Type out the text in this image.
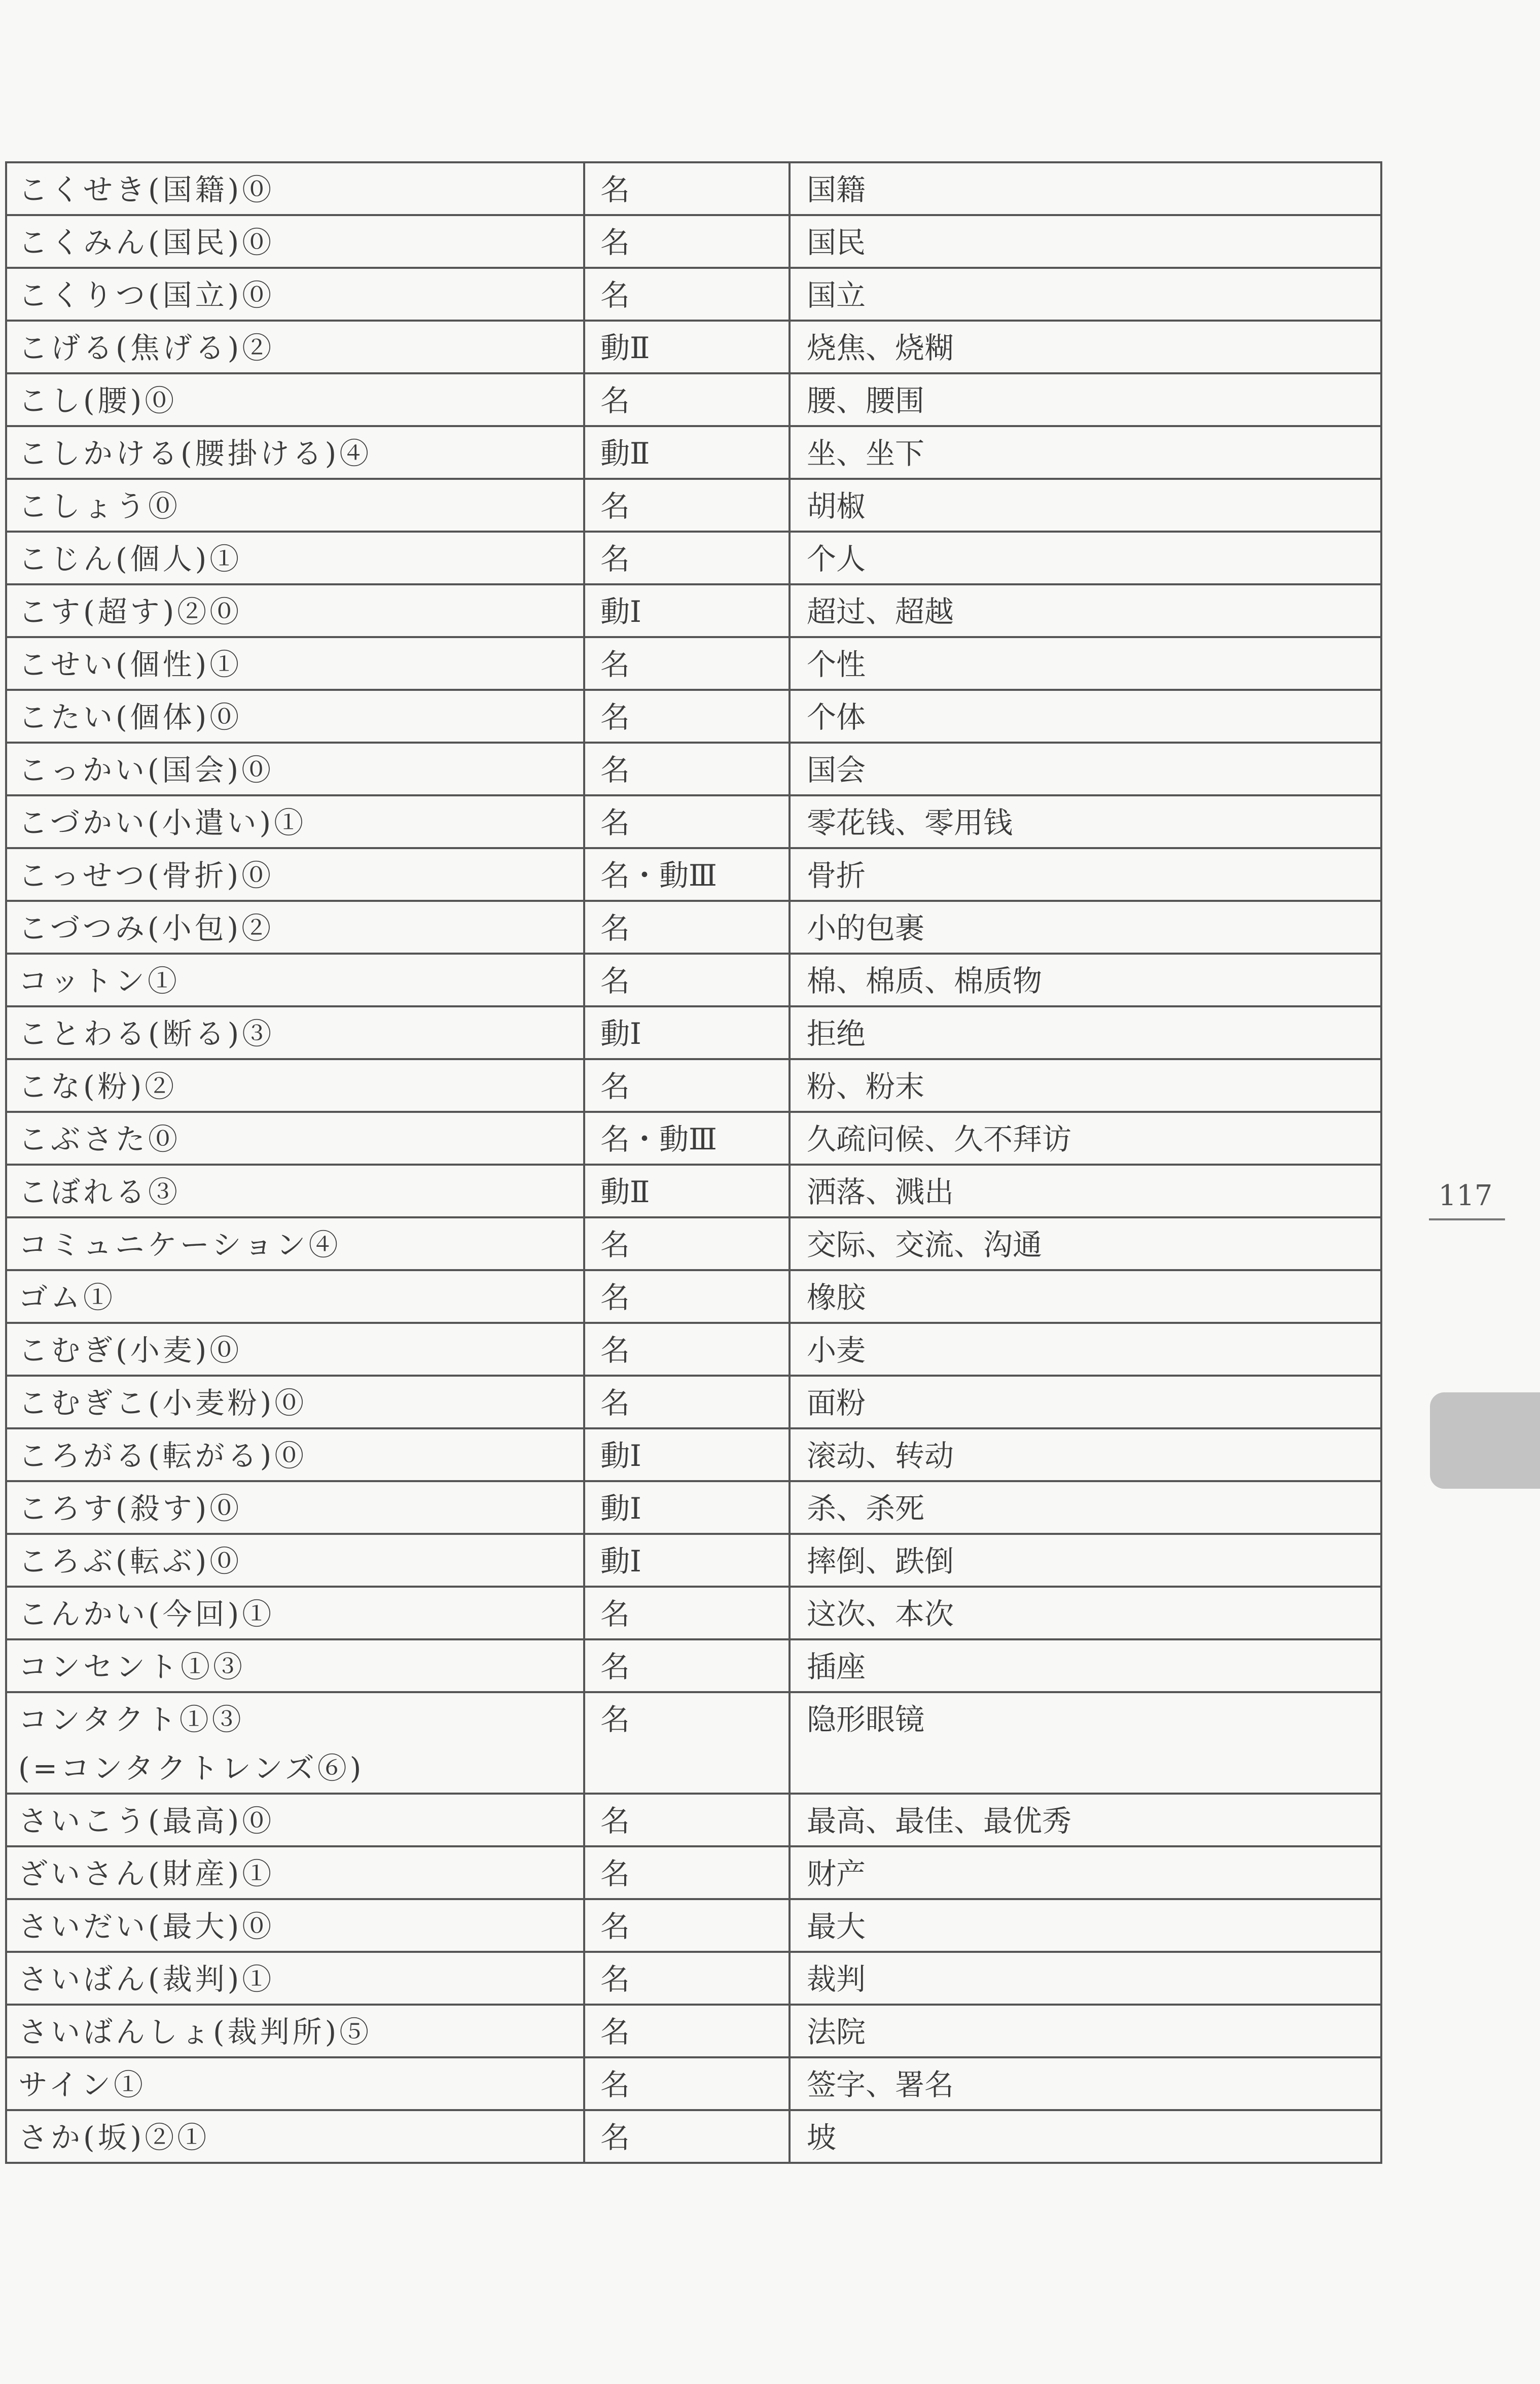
こくせき(国籍)⓪	名	国籍

こくみん(国民)⓪	名	国民

こくりつ(国立)⓪	名	国立

こげる(焦げる)②	動Ⅱ	烧焦、烧糊

こし(腰)⓪	名	腰、腰围

こしかける(腰掛ける)④	動Ⅱ	坐、坐下

こしょう⓪	名	胡椒

こじん(個人)①	名	个人

こす(超す)②⓪	動Ⅰ	超过、超越

こせい(個性)①	名	个性

こたい(個体)⓪	名	个体

こっかい(国会)⓪	名	国会

こづかい(小遣い)①	名	零花钱、零用钱

こっせつ(骨折)⓪	名・動Ⅲ	骨折

こづつみ(小包)②	名	小的包裹

コットン①	名	棉、棉质、棉质物

ことわる(断る)③	動Ⅰ	拒绝

こな(粉)②	名	粉、粉末

こぶさた⓪	名・動Ⅲ	久疏问候、久不拜访

こぼれる③	動Ⅱ	洒落、溅出

コミュニケーション④	名	交际、交流、沟通

ゴム①	名	橡胶

こむぎ(小麦)⓪	名	小麦

こむぎこ(小麦粉)⓪	名	面粉

ころがる(転がる)⓪	動Ⅰ	滚动、转动

ころす(殺す)⓪	動Ⅰ	杀、杀死

ころぶ(転ぶ)⓪	動Ⅰ	摔倒、跌倒

こんかい(今回)①	名	这次、本次

コンセント①③	名	插座

コンタクト①③
(=コンタクトレンズ⑥)	名	隐形眼镜

さいこう(最高)⓪	名	最高、最佳、最优秀

ざいさん(財産)①	名	财产

さいだい(最大)⓪	名	最大

さいばん(裁判)①	名	裁判

さいばんしょ(裁判所)⑤	名	法院

サイン①	名	签字、署名

さか(坂)②①	名	坡
117
